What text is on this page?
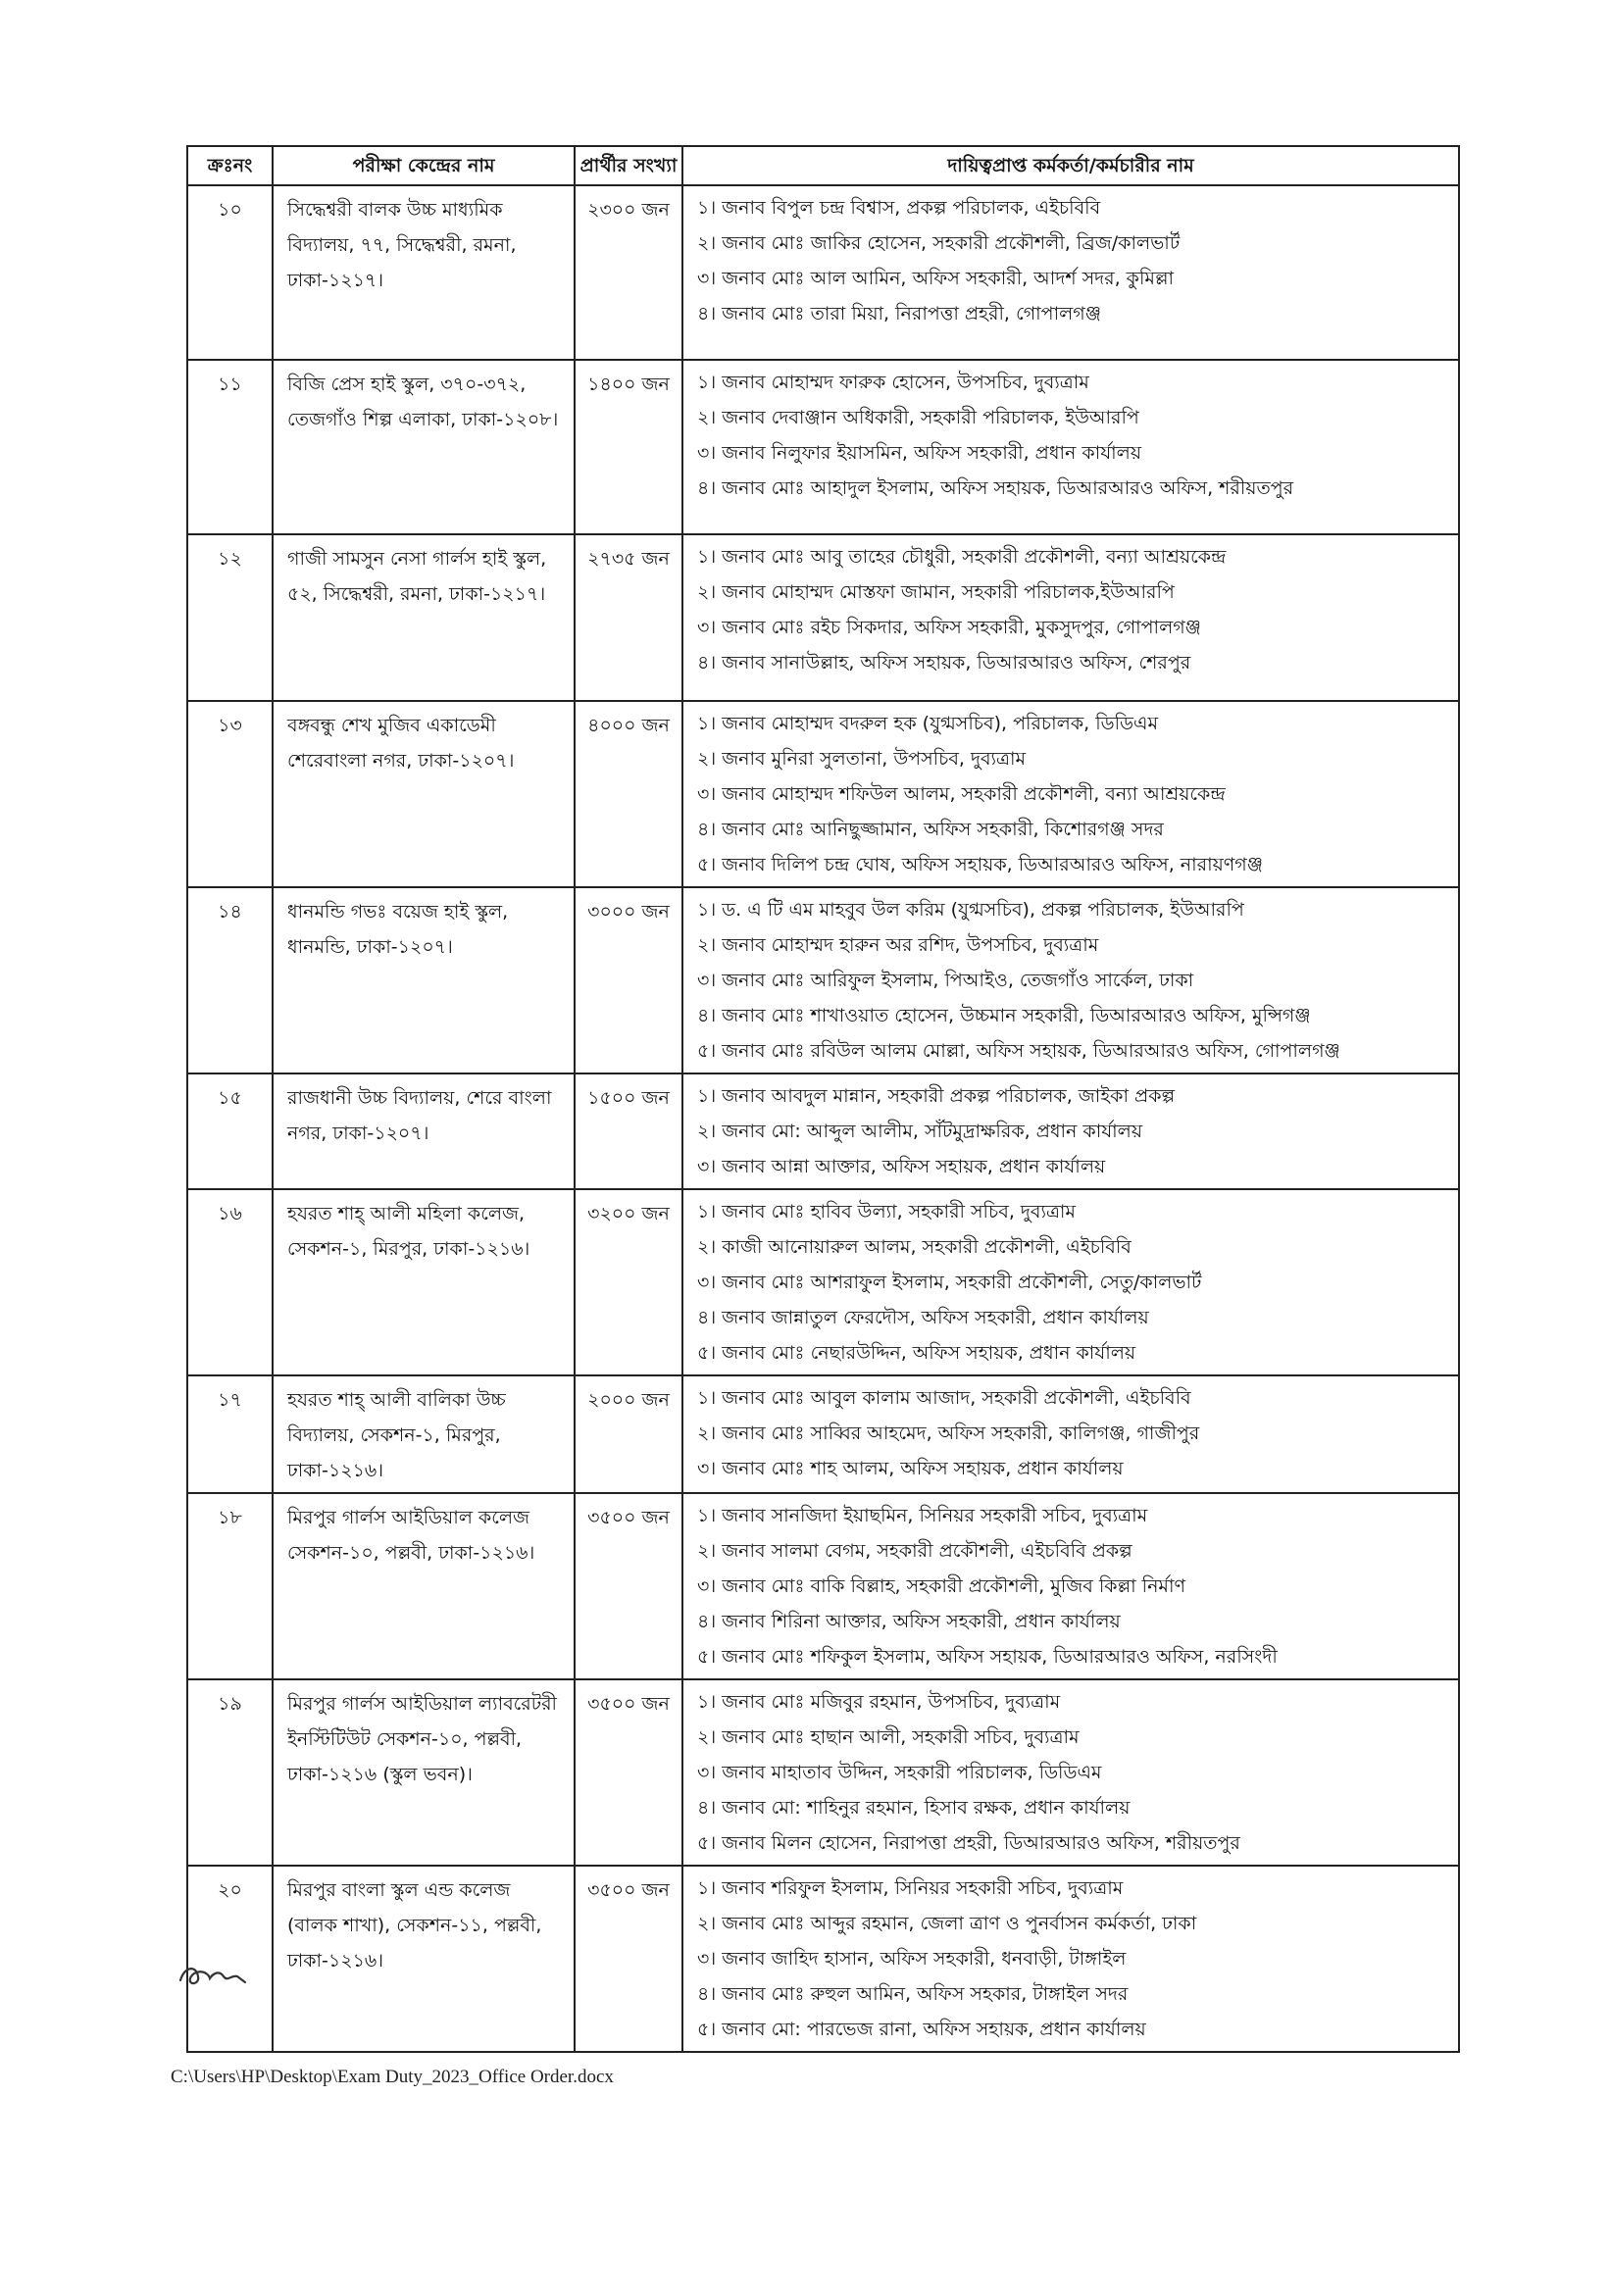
ক্রঃনং	পরীক্ষা কেন্দ্রের নাম	প্রার্থীর সংখ্যা	দায়িত্বপ্রাপ্ত কর্মকর্তা/কর্মচারীর নাম
১০	সিদ্ধেশ্বরী বালক উচ্চ মাধ্যমিক বিদ্যালয়, ৭৭, সিদ্ধেশ্বরী, রমনা, ঢাকা-১২১৭।	২৩০০ জন	১। জনাব বিপুল চন্দ্র বিশ্বাস, প্রকল্প পরিচালক, এইচবিবি
২। জনাব মোঃ জাকির হোসেন, সহকারী প্রকৌশলী, ব্রিজ/কালভার্ট
৩। জনাব মোঃ আল আমিন, অফিস সহকারী, আদর্শ সদর, কুমিল্লা
৪। জনাব মোঃ তারা মিয়া, নিরাপত্তা প্রহরী, গোপালগঞ্জ

১১	বিজি প্রেস হাই স্কুল, ৩৭০-৩৭২, তেজগাঁও শিল্প এলাকা, ঢাকা-১২০৮।	১৪০০ জন	১। জনাব মোহাম্মদ ফারুক হোসেন, উপসচিব, দুব্যত্রাম
২। জনাব দেবাঞ্জান অধিকারী, সহকারী পরিচালক, ইউআরপি
৩। জনাব নিলুফার ইয়াসমিন, অফিস সহকারী, প্রধান কার্যালয়
৪। জনাব মোঃ আহাদুল ইসলাম, অফিস সহায়ক, ডিআরআরও অফিস, শরীয়তপুর

১২	গাজী সামসুন নেসা গার্লস হাই স্কুল, ৫২, সিদ্ধেশ্বরী, রমনা, ঢাকা-১২১৭।	২৭৩৫ জন	১। জনাব মোঃ আবু তাহের চৌধুরী, সহকারী প্রকৌশলী, বন্যা আশ্রয়কেন্দ্র
২। জনাব মোহাম্মদ মোস্তফা জামান, সহকারী পরিচালক,ইউআরপি
৩। জনাব মোঃ রইচ সিকদার, অফিস সহকারী, মুকসুদপুর, গোপালগঞ্জ
৪। জনাব সানাউল্লাহ, অফিস সহায়ক, ডিআরআরও অফিস, শেরপুর

১৩	বঙ্গবন্ধু শেখ মুজিব একাডেমী শেরেবাংলা নগর, ঢাকা-১২০৭।	৪০০০ জন	১। জনাব মোহাম্মদ বদরুল হক (যুগ্মসচিব), পরিচালক, ডিডিএম
২। জনাব মুনিরা সুলতানা, উপসচিব, দুব্যত্রাম
৩। জনাব মোহাম্মদ শফিউল আলম, সহকারী প্রকৌশলী, বন্যা আশ্রয়কেন্দ্র
৪। জনাব মোঃ আনিছুজ্জামান, অফিস সহকারী, কিশোরগঞ্জ সদর
৫। জনাব দিলিপ চন্দ্র ঘোষ, অফিস সহায়ক, ডিআরআরও অফিস, নারায়ণগঞ্জ

১৪	ধানমন্ডি গভঃ বয়েজ হাই স্কুল, ধানমন্ডি, ঢাকা-১২০৭।	৩০০০ জন	১। ড. এ টি এম মাহবুব উল করিম (যুগ্মসচিব), প্রকল্প পরিচালক, ইউআরপি
২। জনাব মোহাম্মদ হারুন অর রশিদ, উপসচিব, দুব্যত্রাম
৩। জনাব মোঃ আরিফুল ইসলাম, পিআইও, তেজগাঁও সার্কেল, ঢাকা
৪। জনাব মোঃ শাখাওয়াত হোসেন, উচ্চমান সহকারী, ডিআরআরও অফিস, মুন্সিগঞ্জ
৫। জনাব মোঃ রবিউল আলম মোল্লা, অফিস সহায়ক, ডিআরআরও অফিস, গোপালগঞ্জ

১৫	রাজধানী উচ্চ বিদ্যালয়, শেরে বাংলা নগর, ঢাকা-১২০৭।	১৫০০ জন	১। জনাব আবদুল মান্নান, সহকারী প্রকল্প পরিচালক, জাইকা প্রকল্প
২। জনাব মো: আব্দুল আলীম, সাঁটমুদ্রাক্ষরিক, প্রধান কার্যালয়
৩। জনাব আন্না আক্তার, অফিস সহায়ক, প্রধান কার্যালয়

১৬	হযরত শাহ্ আলী মহিলা কলেজ, সেকশন-১, মিরপুর, ঢাকা-১২১৬।	৩২০০ জন	১। জনাব মোঃ হাবিব উল্যা, সহকারী সচিব, দুব্যত্রাম
২। কাজী আনোয়ারুল আলম, সহকারী প্রকৌশলী, এইচবিবি
৩। জনাব মোঃ আশরাফুল ইসলাম, সহকারী প্রকৌশলী, সেতু/কালভার্ট
৪। জনাব জান্নাতুল ফেরদৌস, অফিস সহকারী, প্রধান কার্যালয়
৫। জনাব মোঃ নেছারউদ্দিন, অফিস সহায়ক, প্রধান কার্যালয়

১৭	হযরত শাহ্ আলী বালিকা উচ্চ বিদ্যালয়, সেকশন-১, মিরপুর, ঢাকা-১২১৬।	২০০০ জন	১। জনাব মোঃ আবুল কালাম আজাদ, সহকারী প্রকৌশলী, এইচবিবি
২। জনাব মোঃ সাব্বির আহমেদ, অফিস সহকারী, কালিগঞ্জ, গাজীপুর
৩। জনাব মোঃ শাহ আলম, অফিস সহায়ক, প্রধান কার্যালয়

১৮	মিরপুর গার্লস আইডিয়াল কলেজ সেকশন-১০, পল্লবী, ঢাকা-১২১৬।	৩৫০০ জন	১। জনাব সানজিদা ইয়াছমিন, সিনিয়র সহকারী সচিব, দুব্যত্রাম
২। জনাব সালমা বেগম, সহকারী প্রকৌশলী, এইচবিবি প্রকল্প
৩। জনাব মোঃ বাকি বিল্লাহ, সহকারী প্রকৌশলী, মুজিব কিল্লা নির্মাণ
৪। জনাব শিরিনা আক্তার, অফিস সহকারী, প্রধান কার্যালয়
৫। জনাব মোঃ শফিকুল ইসলাম, অফিস সহায়ক, ডিআরআরও অফিস, নরসিংদী

১৯	মিরপুর গার্লস আইডিয়াল ল্যাবরেটরী ইনস্টিটিউট সেকশন-১০, পল্লবী, ঢাকা-১২১৬ (স্কুল ভবন)।	৩৫০০ জন	১। জনাব মোঃ মজিবুর রহমান, উপসচিব, দুব্যত্রাম
২। জনাব মোঃ হাছান আলী, সহকারী সচিব, দুব্যত্রাম
৩। জনাব মাহাতাব উদ্দিন, সহকারী পরিচালক, ডিডিএম
৪। জনাব মো: শাহিনুর রহমান, হিসাব রক্ষক, প্রধান কার্যালয়
৫। জনাব মিলন হোসেন, নিরাপত্তা প্রহরী, ডিআরআরও অফিস, শরীয়তপুর

২০	মিরপুর বাংলা স্কুল এন্ড কলেজ (বালক শাখা), সেকশন-১১, পল্লবী, ঢাকা-১২১৬।	৩৫০০ জন	১। জনাব শরিফুল ইসলাম, সিনিয়র সহকারী সচিব, দুব্যত্রাম
২। জনাব মোঃ আব্দুর রহমান, জেলা ত্রাণ ও পুনর্বাসন কর্মকর্তা, ঢাকা
৩। জনাব জাহিদ হাসান, অফিস সহকারী, ধনবাড়ী, টাঙ্গাইল
৪। জনাব মোঃ রুহুল আমিন, অফিস সহকার, টাঙ্গাইল সদর
৫। জনাব মো: পারভেজ রানা, অফিস সহায়ক, প্রধান কার্যালয়
C:\Users\HP\Desktop\Exam Duty_2023_Office Order.docx
